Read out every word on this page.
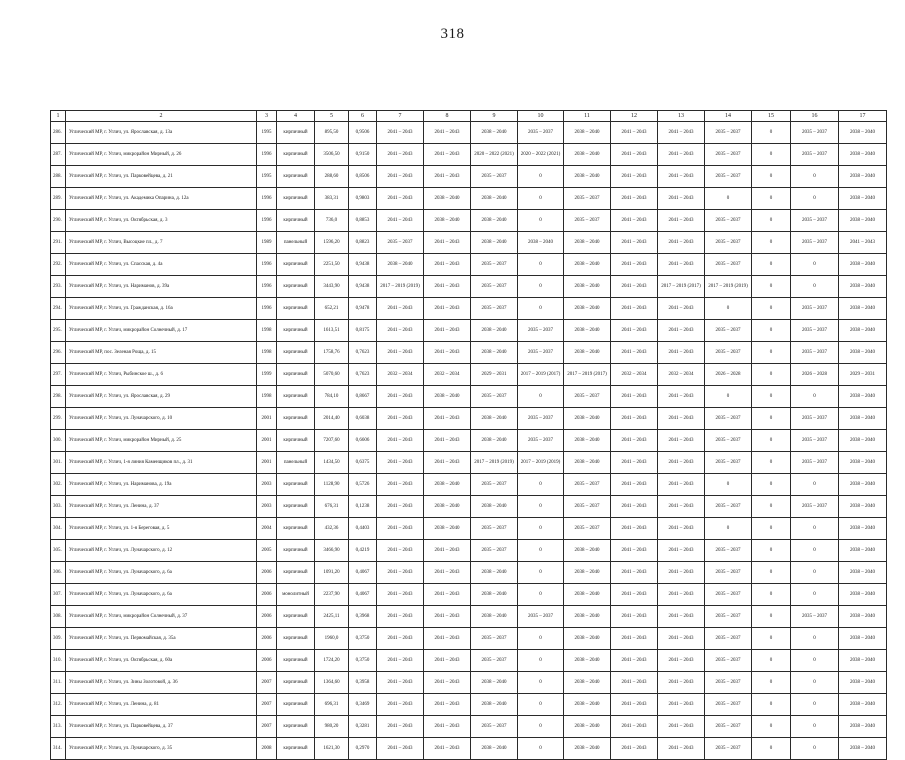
318
1	2	3	4	5	6	7	8	9	10	11	12	13	14	15	16	17
286.	Углический МР, г. Углич, ул. Ярославская, д. 13а	1995	кирпичный	895,50	0,9506	2041 – 2043	2041 – 2043	2038 – 2040	2035 – 2037	2038 – 2040	2041 – 2043	2041 – 2043	2035 – 2037	0	2035 – 2037	2038 – 2040
287.	Углический МР, г. Углич, микрорайон Мирный, д. 26	1996	кирпичный	3506,50	0,9150	2041 – 2043	2041 – 2043	2020 – 2022 (2021)	2020 – 2022 (2021)	2038 – 2040	2041 – 2043	2041 – 2043	2035 – 2037	0	2035 – 2037	2038 – 2040
288.	Углический МР, г. Углич, ул. Парковейцева, д. 21	1995	кирпичный	288,60	0,8506	2041 – 2043	2041 – 2043	2035 – 2037	0	2038 – 2040	2041 – 2043	2041 – 2043	2035 – 2037	0	0	2038 – 2040
289.	Углический МР, г. Углич, ул. Академика Опарина, д. 12а	1996	кирпичный	383,31	0,9803	2041 – 2043	2038 – 2040	2038 – 2040	0	2035 – 2037	2041 – 2043	2041 – 2043	0	0	0	2038 – 2040
290.	Углический МР, г. Углич, ул. Октябрьская, д. 3	1996	кирпичный	736,0	0,8853	2041 – 2043	2038 – 2040	2038 – 2040	0	2035 – 2037	2041 – 2043	2041 – 2043	2035 – 2037	0	2035 – 2037	2038 – 2040
291.	Углический МР, г. Углич, Высоцкие пл., д. 7	1989	панельный	1596,20	0,8823	2035 – 2037	2041 – 2043	2038 – 2040	2038 – 2040	2038 – 2040	2041 – 2043	2041 – 2043	2035 – 2037	0	2035 – 2037	2041 – 2043
292.	Углический МР, г. Углич, ул. Спасская, д. 4а	1996	кирпичный	2251,50	0,9438	2038 – 2040	2041 – 2043	2035 – 2037	0	2038 – 2040	2041 – 2043	2041 – 2043	2035 – 2037	0	0	2038 – 2040
293.	Углический МР, г. Углич, ул. Нариманов, д. 39а	1996	кирпичный	3443,90	0,9438	2017 – 2019 (2019)	2041 – 2043	2035 – 2037	0	2038 – 2040	2041 – 2043	2017 – 2019 (2017)	2017 – 2019 (2019)	0	0	2038 – 2040
294.	Углический МР, г. Углич, ул. Гражданская, д. 16а	1996	кирпичный	652,21	0,9478	2041 – 2043	2041 – 2043	2035 – 2037	0	2038 – 2040	2041 – 2043	2041 – 2043	0	0	2035 – 2037	2038 – 2040
295.	Углический МР, г. Углич, микрорайон Солнечный, д. 17	1998	кирпичный	1613,51	0,8175	2041 – 2043	2041 – 2043	2038 – 2040	2035 – 2037	2038 – 2040	2041 – 2043	2041 – 2043	2035 – 2037	0	2035 – 2037	2038 – 2040
296.	Углический МР, пос. Зеленая Роща, д. 15	1998	кирпичный	1758,76	0,7623	2041 – 2043	2041 – 2043	2038 – 2040	2035 – 2037	2038 – 2040	2041 – 2043	2041 – 2043	2035 – 2037	0	2035 – 2037	2038 – 2040
297.	Углический МР, г. Углич, Рыбинское ш., д. 6	1999	кирпичный	5070,60	0,7623	2032 – 2034	2032 – 2034	2029 – 2031	2017 – 2019 (2017)	2017 – 2019 (2017)	2032 – 2034	2032 – 2034	2026 – 2028	0	2026 – 2028	2029 – 2031
298.	Углический МР, г. Углич, ул. Ярославская, д. 29	1998	кирпичный	784,10	0,8667	2041 – 2043	2038 – 2040	2035 – 2037	0	2035 – 2037	2041 – 2043	2041 – 2043	0	0	0	2038 – 2040
299.	Углический МР, г. Углич, ул. Луначарского, д. 10	2001	кирпичный	2014,40	0,6038	2041 – 2043	2041 – 2043	2038 – 2040	2035 – 2037	2038 – 2040	2041 – 2043	2041 – 2043	2035 – 2037	0	2035 – 2037	2038 – 2040
300.	Углический МР, г. Углич, микрорайон Мирный, д. 25	2001	кирпичный	7207,60	0,6606	2041 – 2043	2041 – 2043	2038 – 2040	2035 – 2037	2038 – 2040	2041 – 2043	2041 – 2043	2035 – 2037	0	2035 – 2037	2038 – 2040
301.	Углический МР, г. Углич, 1-я линия Каменщиков пл., д. 31	2001	панельный	1434,50	0,6375	2041 – 2043	2041 – 2043	2017 – 2019 (2019)	2017 – 2019 (2019)	2038 – 2040	2041 – 2043	2041 – 2043	2035 – 2037	0	2035 – 2037	2038 – 2040
302.	Углический МР, г. Углич, ул. Нариманова, д. 19а	2003	кирпичный	1128,90	0,5726	2041 – 2043	2038 – 2040	2035 – 2037	0	2035 – 2037	2041 – 2043	2041 – 2043	0	0	0	2038 – 2040
303.	Углический МР, г. Углич, ул. Ленина, д. 37	2003	кирпичный	676,31	0,1238	2041 – 2043	2038 – 2040	2038 – 2040	0	2035 – 2037	2041 – 2043	2041 – 2043	2035 – 2037	0	2035 – 2037	2038 – 2040
304.	Углический МР, г. Углич, ул. 1-я Береговая, д. 5	2004	кирпичный	432,36	0,4403	2041 – 2043	2038 – 2040	2035 – 2037	0	2035 – 2037	2041 – 2043	2041 – 2043	0	0	0	2038 – 2040
305.	Углический МР, г. Углич, ул. Луначарского, д. 12	2005	кирпичный	3466,90	0,4219	2041 – 2043	2041 – 2043	2035 – 2037	0	2038 – 2040	2041 – 2043	2041 – 2043	2035 – 2037	0	0	2038 – 2040
306.	Углический МР, г. Углич, ул. Луначарского, д. 6а	2006	кирпичный	1091,20	0,4067	2041 – 2043	2041 – 2043	2038 – 2040	0	2038 – 2040	2041 – 2043	2041 – 2043	2035 – 2037	0	0	2038 – 2040
307.	Углический МР, г. Углич, ул. Луначарского, д. 6а	2006	монолитный	2237,90	0,4067	2041 – 2043	2041 – 2043	2038 – 2040	0	2038 – 2040	2041 – 2043	2041 – 2043	2035 – 2037	0	0	2038 – 2040
308.	Углический МР, г. Углич, микрорайон Солнечный, д. 37	2006	кирпичный	2425,11	0,3968	2041 – 2043	2041 – 2043	2038 – 2040	2035 – 2037	2038 – 2040	2041 – 2043	2041 – 2043	2035 – 2037	0	2035 – 2037	2038 – 2040
309.	Углический МР, г. Углич, ул. Первомайская, д. 35а	2006	кирпичный	1960,0	0,3750	2041 – 2043	2041 – 2043	2035 – 2037	0	2038 – 2040	2041 – 2043	2041 – 2043	2035 – 2037	0	0	2038 – 2040
310.	Углический МР, г. Углич, ул. Октябрьская, д. 60а	2006	кирпичный	1724,20	0,3750	2041 – 2043	2041 – 2043	2035 – 2037	0	2038 – 2040	2041 – 2043	2041 – 2043	2035 – 2037	0	0	2038 – 2040
311.	Углический МР, г. Углич, ул. Зины Золотовой, д. 36	2007	кирпичный	1364,60	0,3958	2041 – 2043	2041 – 2043	2038 – 2040	0	2038 – 2040	2041 – 2043	2041 – 2043	2035 – 2037	0	0	2038 – 2040
312.	Углический МР, г. Углич, ул. Ленина, д. 81	2007	кирпичный	696,31	0,3469	2041 – 2043	2041 – 2043	2038 – 2040	0	2038 – 2040	2041 – 2043	2041 – 2043	2035 – 2037	0	0	2038 – 2040
313.	Углический МР, г. Углич, ул. Парковейцева, д. 37	2007	кирпичный	980,20	0,3281	2041 – 2043	2041 – 2043	2035 – 2037	0	2038 – 2040	2041 – 2043	2041 – 2043	2035 – 2037	0	0	2038 – 2040
314.	Углический МР, г. Углич, ул. Луначарского, д. 35	2008	кирпичный	1621,30	0,2970	2041 – 2043	2041 – 2043	2038 – 2040	0	2038 – 2040	2041 – 2043	2041 – 2043	2035 – 2037	0	0	2038 – 2040
